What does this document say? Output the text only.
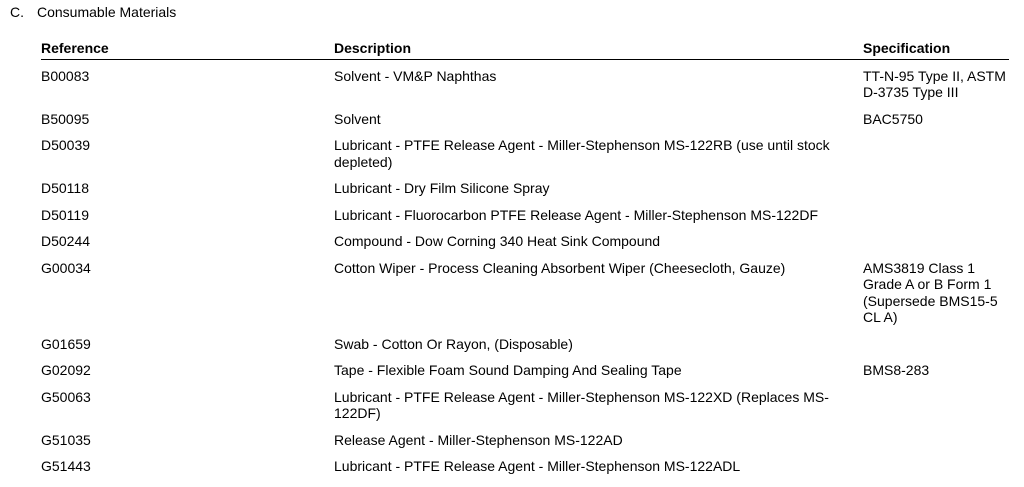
C. Consumable Materials
Reference	Description	Specification
B00083	Solvent - VM&P Naphthas	TT-N-95 Type II, ASTM D-3735 Type III
B50095	Solvent	BAC5750
D50039	Lubricant - PTFE Release Agent - Miller-Stephenson MS-122RB (use until stock depleted)	
D50118	Lubricant - Dry Film Silicone Spray	
D50119	Lubricant - Fluorocarbon PTFE Release Agent - Miller-Stephenson MS-122DF	
D50244	Compound - Dow Corning 340 Heat Sink Compound	
G00034	Cotton Wiper - Process Cleaning Absorbent Wiper (Cheesecloth, Gauze)	AMS3819 Class 1 Grade A or B Form 1 (Supersede BMS15-5 CL A)
G01659	Swab - Cotton Or Rayon, (Disposable)	
G02092	Tape - Flexible Foam Sound Damping And Sealing Tape	BMS8-283
G50063	Lubricant - PTFE Release Agent - Miller-Stephenson MS-122XD (Replaces MS-122DF)	
G51035	Release Agent - Miller-Stephenson MS-122AD	
G51443	Lubricant - PTFE Release Agent - Miller-Stephenson MS-122ADL	
